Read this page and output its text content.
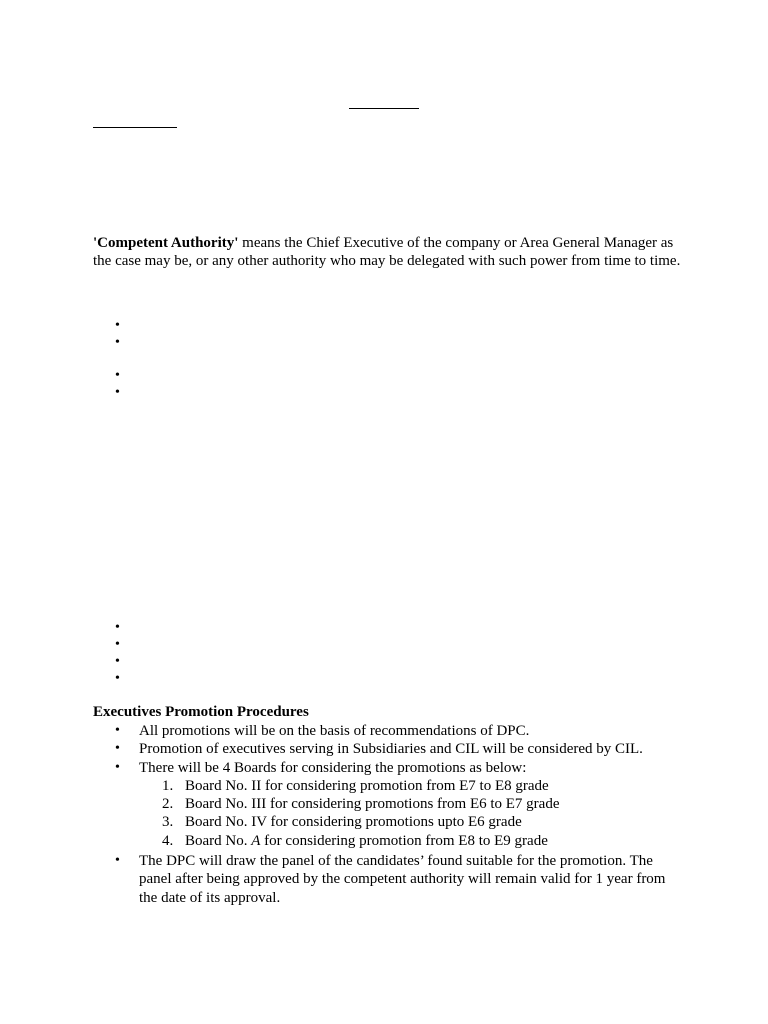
'Competent Authority' means the Chief Executive of the company or Area General Manager as the case may be, or any other authority who may be delegated with such power from time to time.

•
•
•
•
•
•
•
•

Executives Promotion Procedures

• All promotions will be on the basis of recommendations of DPC.
• Promotion of executives serving in Subsidiaries and CIL will be considered by CIL.
• There will be 4 Boards for considering the promotions as below:
1. Board No. II for considering promotion from E7 to E8 grade
2. Board No. III for considering promotions from E6 to E7 grade
3. Board No. IV for considering promotions upto E6 grade
4. Board No. A for considering promotion from E8 to E9 grade
• The DPC will draw the panel of the candidates’ found suitable for the promotion. The panel after being approved by the competent authority will remain valid for 1 year from the date of its approval.
